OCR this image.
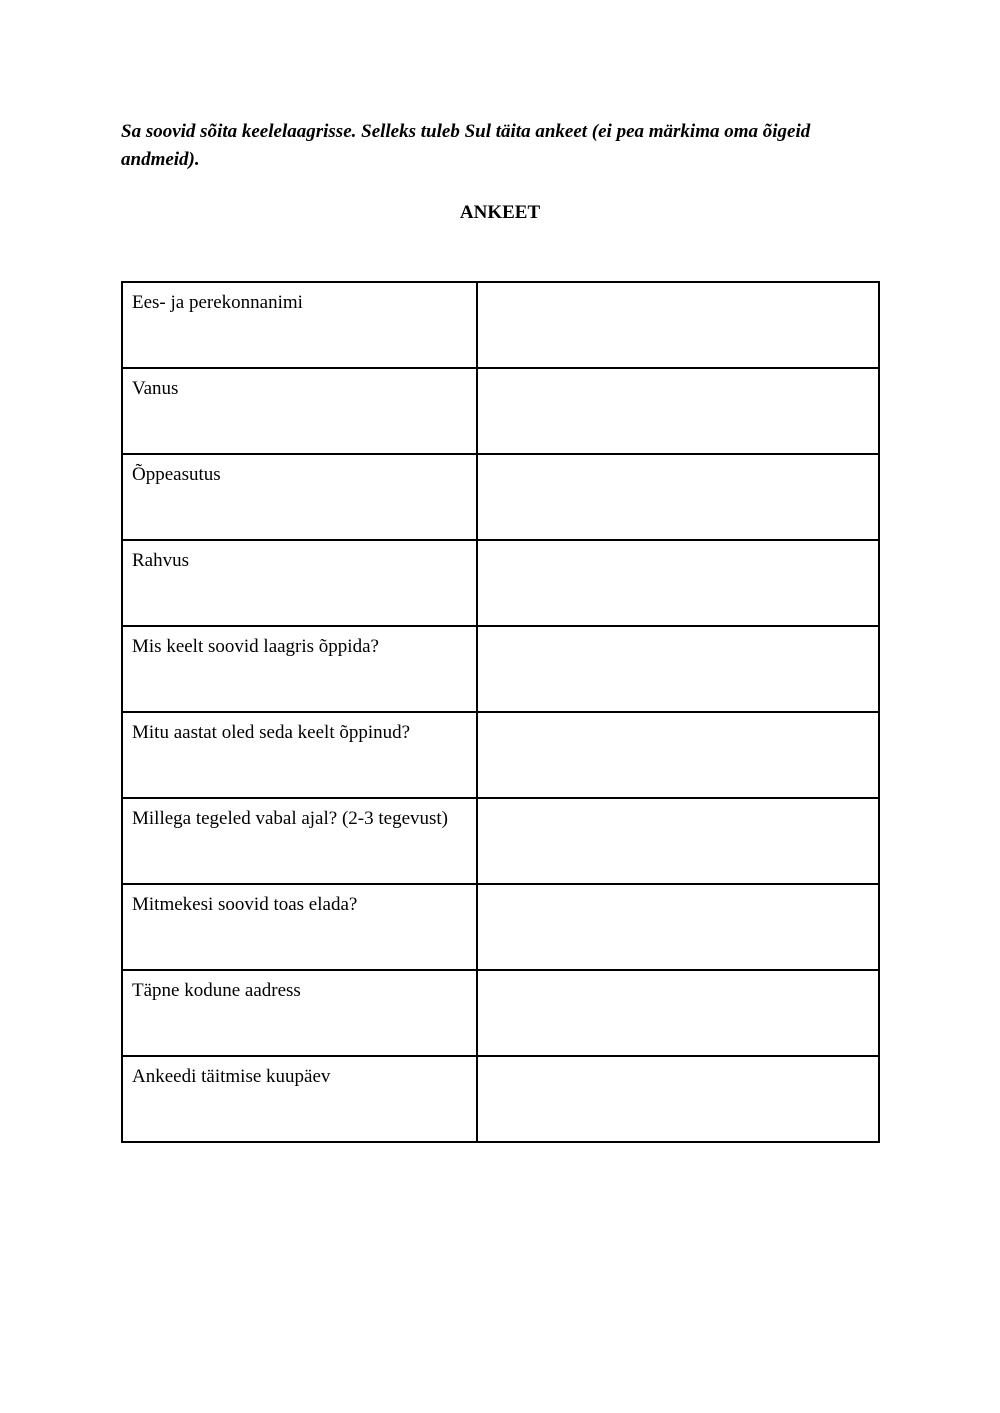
Sa soovid sõita keelelaagrisse. Selleks tuleb Sul täita ankeet (ei pea märkima oma õigeid andmeid).

ANKEET

Ees- ja perekonnanimi	
Vanus	
Õppeasutus	
Rahvus	
Mis keelt soovid laagris õppida?	
Mitu aastat oled seda keelt õppinud?	
Millega tegeled vabal ajal? (2-3 tegevust)	
Mitmekesi soovid toas elada?	
Täpne kodune aadress	
Ankeedi täitmise kuupäev	
